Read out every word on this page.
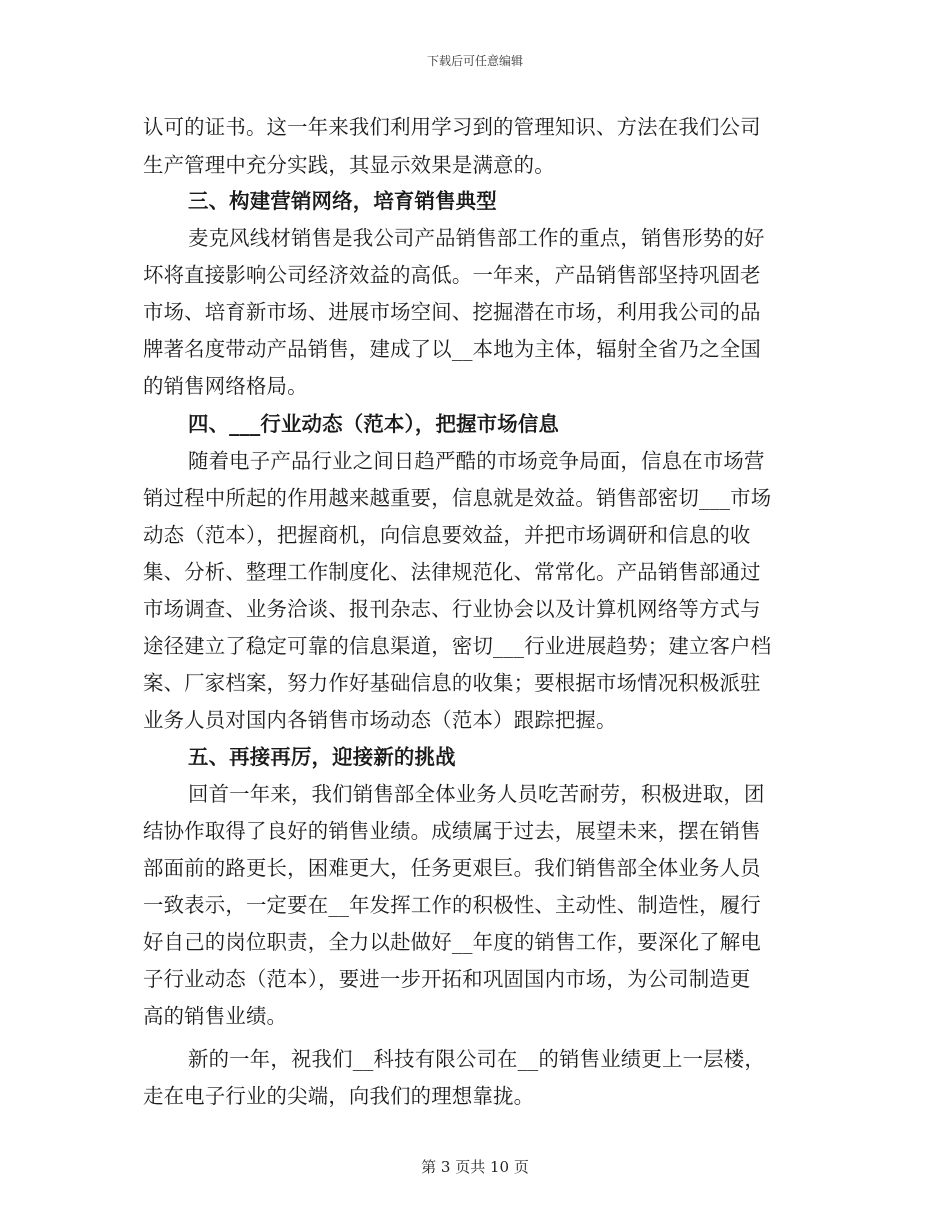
下载后可任意编辑
认可的证书。这一年来我们利用学习到的管理知识、方法在我们公司
生产管理中充分实践，其显示效果是满意的。
三、构建营销网络，培育销售典型
麦克风线材销售是我公司产品销售部工作的重点，销售形势的好
坏将直接影响公司经济效益的高低。一年来，产品销售部坚持巩固老
市场、培育新市场、进展市场空间、挖掘潜在市场，利用我公司的品
牌著名度带动产品销售，建成了以__本地为主体，辐射全省乃之全国
的销售网络格局。
四、___行业动态（范本），把握市场信息
随着电子产品行业之间日趋严酷的市场竞争局面，信息在市场营
销过程中所起的作用越来越重要，信息就是效益。销售部密切___市场
动态（范本），把握商机，向信息要效益，并把市场调研和信息的收
集、分析、整理工作制度化、法律规范化、常常化。产品销售部通过
市场调查、业务洽谈、报刊杂志、行业协会以及计算机网络等方式与
途径建立了稳定可靠的信息渠道，密切___行业进展趋势；建立客户档
案、厂家档案，努力作好基础信息的收集；要根据市场情况积极派驻
业务人员对国内各销售市场动态（范本）跟踪把握。
五、再接再厉，迎接新的挑战
回首一年来，我们销售部全体业务人员吃苦耐劳，积极进取，团
结协作取得了良好的销售业绩。成绩属于过去，展望未来，摆在销售
部面前的路更长，困难更大，任务更艰巨。我们销售部全体业务人员
一致表示，一定要在__年发挥工作的积极性、主动性、制造性，履行
好自己的岗位职责，全力以赴做好__年度的销售工作，要深化了解电
子行业动态（范本），要进一步开拓和巩固国内市场，为公司制造更
高的销售业绩。
新的一年，祝我们__科技有限公司在__的销售业绩更上一层楼，
走在电子行业的尖端，向我们的理想靠拢。
第 3 页共 10 页
